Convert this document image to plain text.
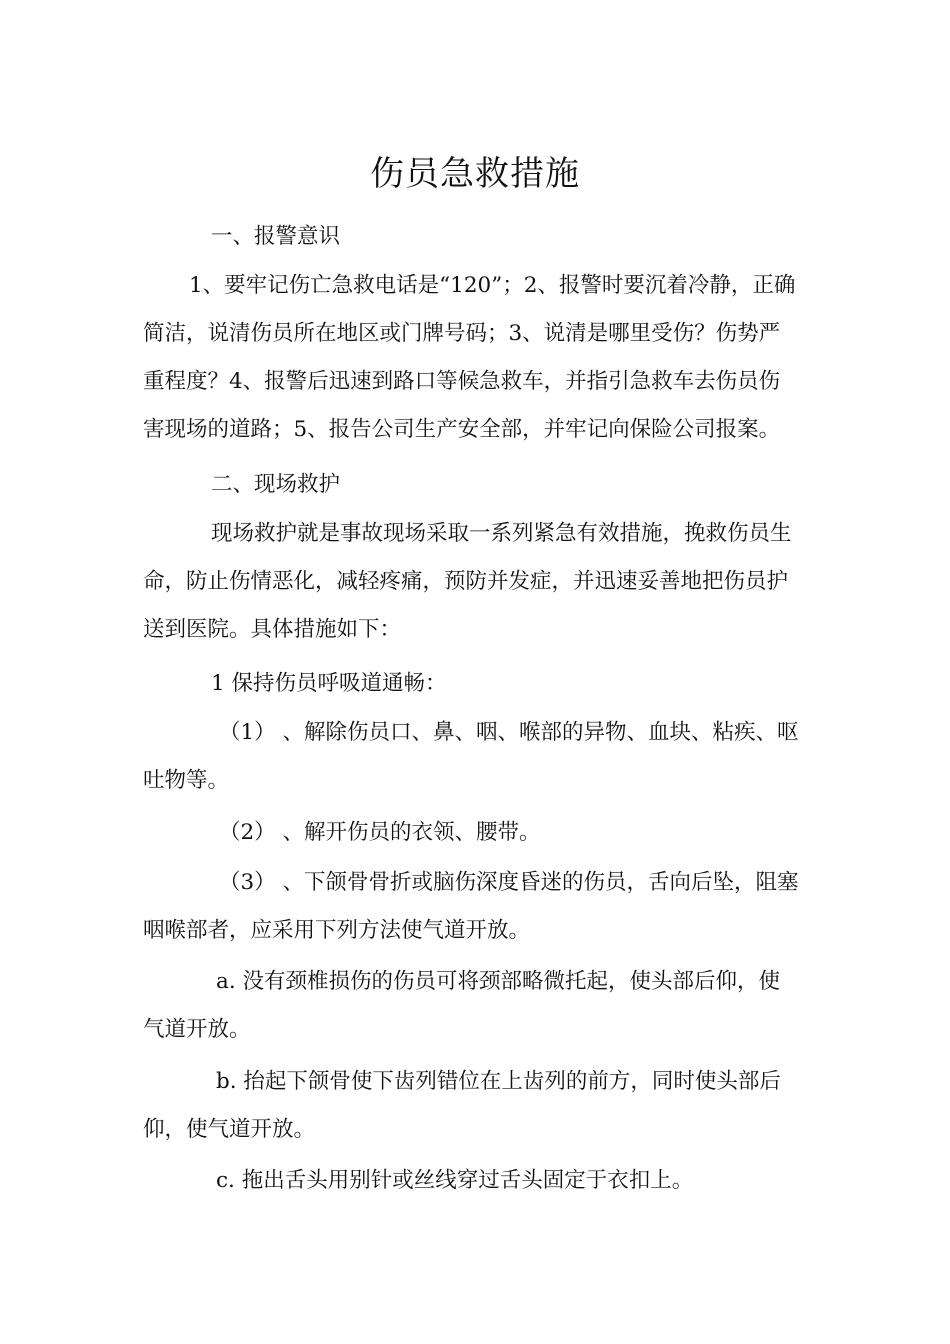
伤员急救措施
一、报警意识
1、要牢记伤亡急救电话是“120”；2、报警时要沉着冷静，正确
简洁，说清伤员所在地区或门牌号码；3、说清是哪里受伤？伤势严
重程度？4、报警后迅速到路口等候急救车，并指引急救车去伤员伤
害现场的道路；5、报告公司生产安全部，并牢记向保险公司报案。
二、现场救护
现场救护就是事故现场采取一系列紧急有效措施，挽救伤员生
命，防止伤情恶化，减轻疼痛，预防并发症，并迅速妥善地把伤员护
送到医院。具体措施如下：
1 保持伤员呼吸道通畅：
（1） 、解除伤员口、鼻、咽、喉部的异物、血块、粘疾、呕
吐物等。
（2） 、解开伤员的衣领、腰带。
（3） 、下颌骨骨折或脑伤深度昏迷的伤员，舌向后坠，阻塞
咽喉部者，应采用下列方法使气道开放。
a. 没有颈椎损伤的伤员可将颈部略微托起，使头部后仰，使
气道开放。
b. 抬起下颌骨使下齿列错位在上齿列的前方，同时使头部后
仰，使气道开放。
c. 拖出舌头用别针或丝线穿过舌头固定于衣扣上。
